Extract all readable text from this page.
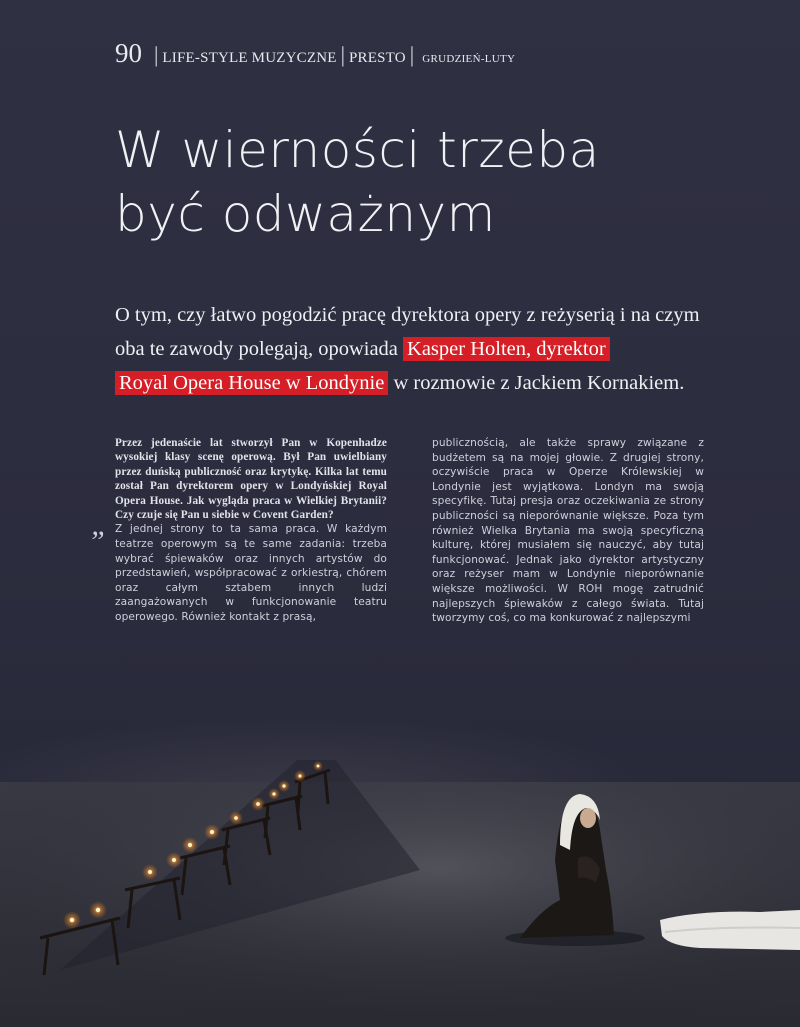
90 | LIFE-STYLE MUZYCZNE | PRESTO | GRUDZIEŃ-LUTY
W wierności trzeba
być odważnym
O tym, czy łatwo pogodzić pracę dyrektora opery z reżyserią i na czym oba te zawody polegają, opowiada Kasper Holten, dyrektor
Royal Opera House w Londynie w rozmowie z Jackiem Kornakiem.
Przez jedenaście lat stworzył Pan w Kopenhadze wysokiej klasy scenę operową. Był Pan uwielbiany przez duńską publiczność oraz krytykę. Kilka lat temu został Pan dyrektorem opery w Londyńskiej Royal Opera House. Jak wygląda praca w Wielkiej Brytanii? Czy czuje się Pan u siebie w Covent Garden?
Z jednej strony to ta sama praca. W każdym teatrze operowym są te same zadania: trzeba wybrać śpiewaków oraz innych artystów do przedstawień, współpracować z orkiestrą, chórem oraz całym sztabem innych ludzi zaangażowanych w funkcjonowanie teatru operowego. Również kontakt z prasą,
”
publicznością, ale także sprawy związane z budżetem są na mojej głowie. Z drugiej strony, oczywiście praca w Operze Królewskiej w Londynie jest wyjątkowa. Londyn ma swoją specyfikę. Tutaj presja oraz oczekiwania ze strony publiczności są nieporównanie większe. Poza tym również Wielka Brytania ma swoją specyficzną kulturę, której musiałem się nauczyć, aby tutaj funkcjonować. Jednak jako dyrektor artystyczny oraz reżyser mam w Londynie nieporównanie większe możliwości. W ROH mogę zatrudnić najlepszych śpiewaków z całego świata. Tutaj tworzymy coś, co ma konkurować z najlepszymi
